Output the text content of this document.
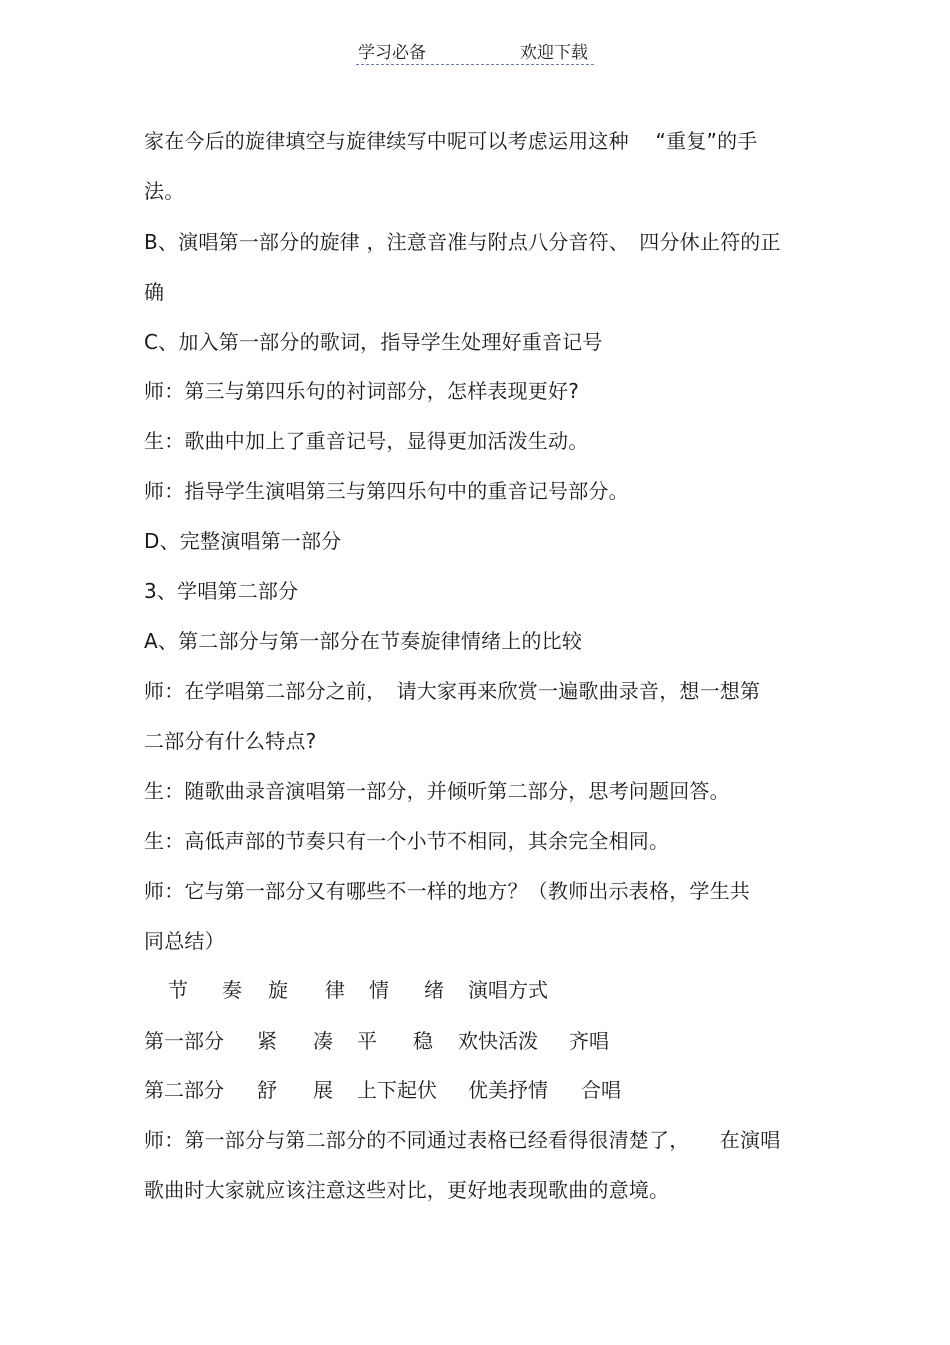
学习必备	欢迎下载
家在今后的旋律填空与旋律续写中呢可以考虑运用这种　 “重复”的手
法。
B、演唱第一部分的旋律 ，注意音准与附点八分音符、　四分休止符的正
确
C、加入第一部分的歌词，指导学生处理好重音记号
师：第三与第四乐句的衬词部分，怎样表现更好?
生：歌曲中加上了重音记号，显得更加活泼生动。
师：指导学生演唱第三与第四乐句中的重音记号部分。
D、完整演唱第一部分
3、学唱第二部分
A、第二部分与第一部分在节奏旋律情绪上的比较
师：在学唱第二部分之前，　请大家再来欣赏一遍歌曲录音，想一想第
二部分有什么特点?
生：随歌曲录音演唱第一部分，并倾听第二部分，思考问题回答。
生：高低声部的节奏只有一个小节不相同，其余完全相同。
师：它与第一部分又有哪些不一样的地方？（教师出示表格，学生共
同总结）
节 奏 旋 律 情 绪 演唱方式
第一部分 紧 凑 平 稳 欢快活泼 齐唱
第二部分 舒 展 上下起伏 优美抒情 合唱
师：第一部分与第二部分的不同通过表格已经看得很清楚了，　　在演唱
歌曲时大家就应该注意这些对比，更好地表现歌曲的意境。
